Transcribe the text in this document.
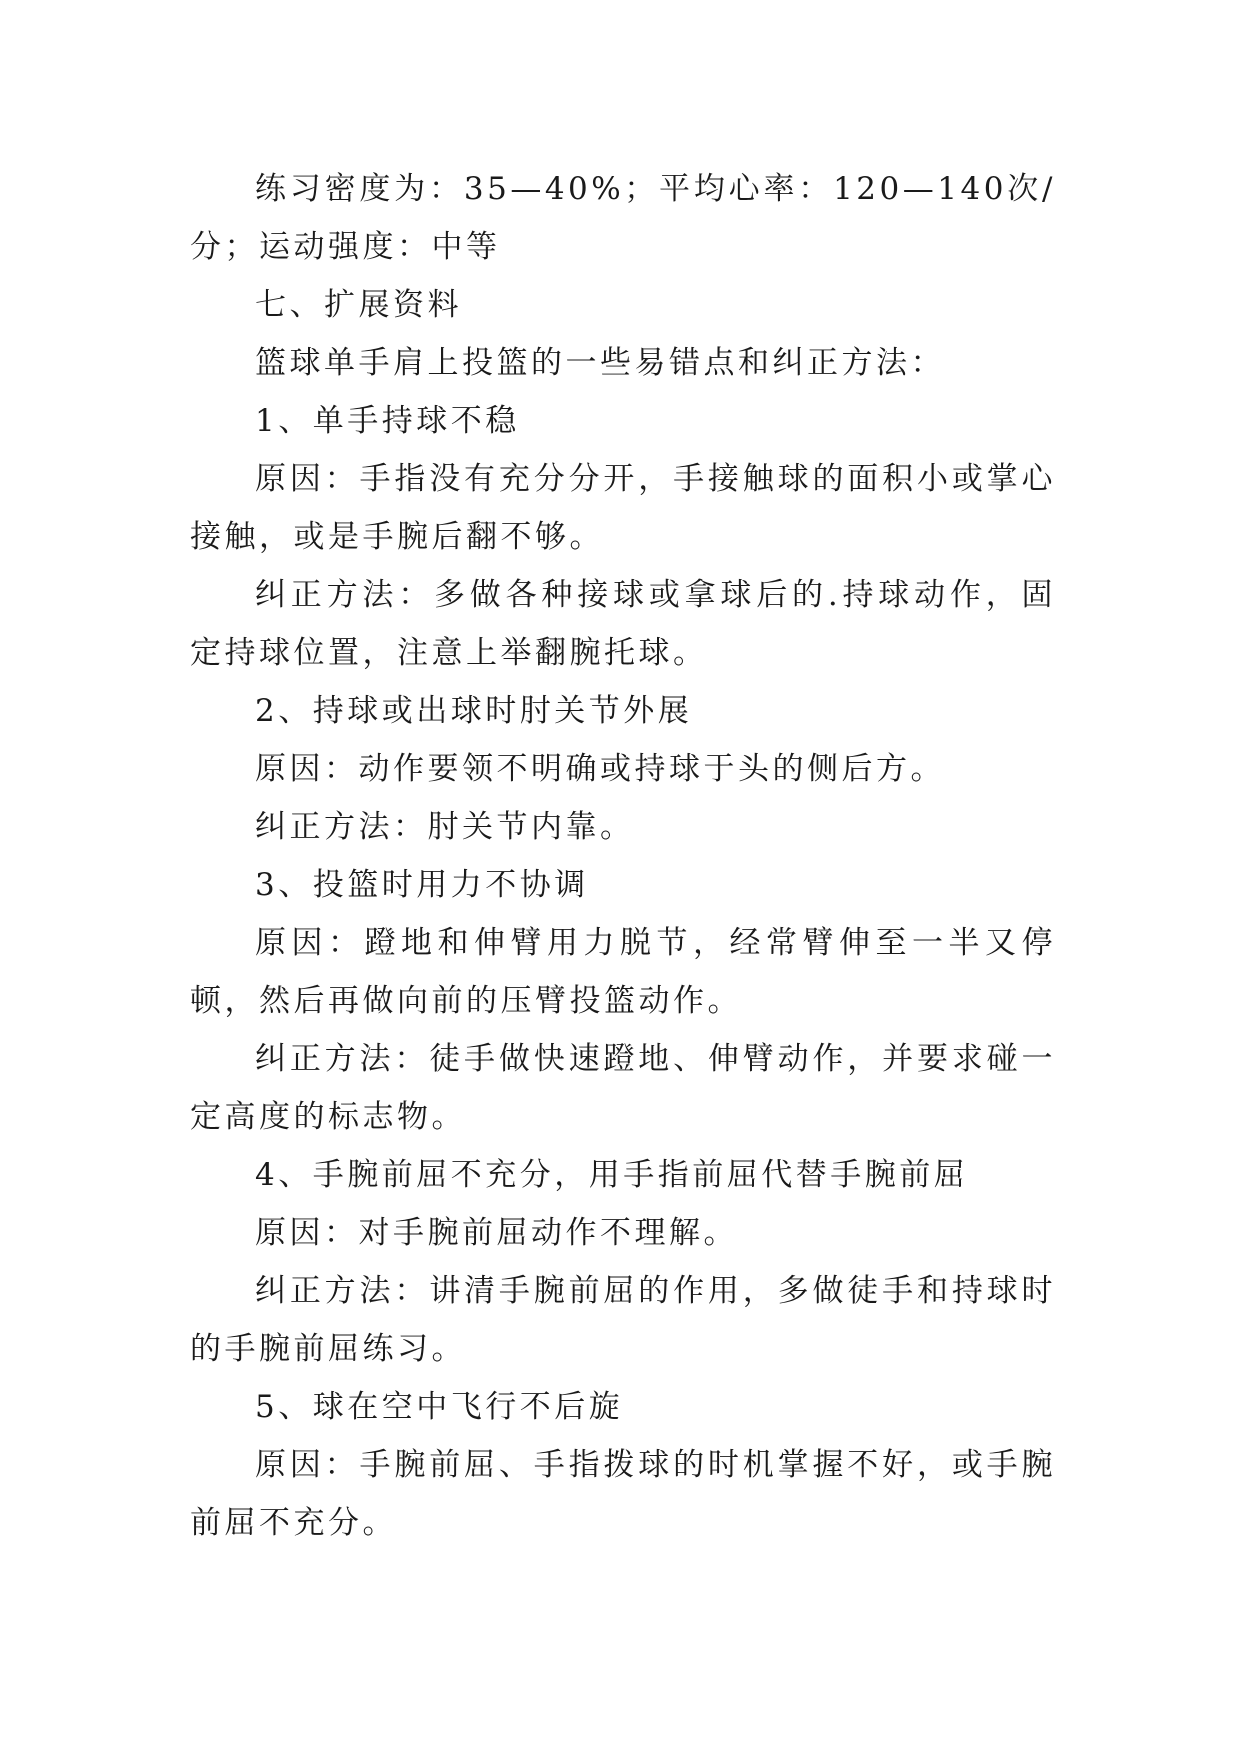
练习密度为：35—40%；平均心率：120—140次/分；运动强度：中等

七、扩展资料

篮球单手肩上投篮的一些易错点和纠正方法：

1、单手持球不稳

原因：手指没有充分分开，手接触球的面积小或掌心接触，或是手腕后翻不够。

纠正方法：多做各种接球或拿球后的.持球动作，固定持球位置，注意上举翻腕托球。

2、持球或出球时肘关节外展

原因：动作要领不明确或持球于头的侧后方。

纠正方法：肘关节内靠。

3、投篮时用力不协调

原因：蹬地和伸臂用力脱节，经常臂伸至一半又停顿，然后再做向前的压臂投篮动作。

纠正方法：徒手做快速蹬地、伸臂动作，并要求碰一定高度的标志物。

4、手腕前屈不充分，用手指前屈代替手腕前屈

原因：对手腕前屈动作不理解。

纠正方法：讲清手腕前屈的作用，多做徒手和持球时的手腕前屈练习。

5、球在空中飞行不后旋

原因：手腕前屈、手指拨球的时机掌握不好，或手腕前屈不充分。
